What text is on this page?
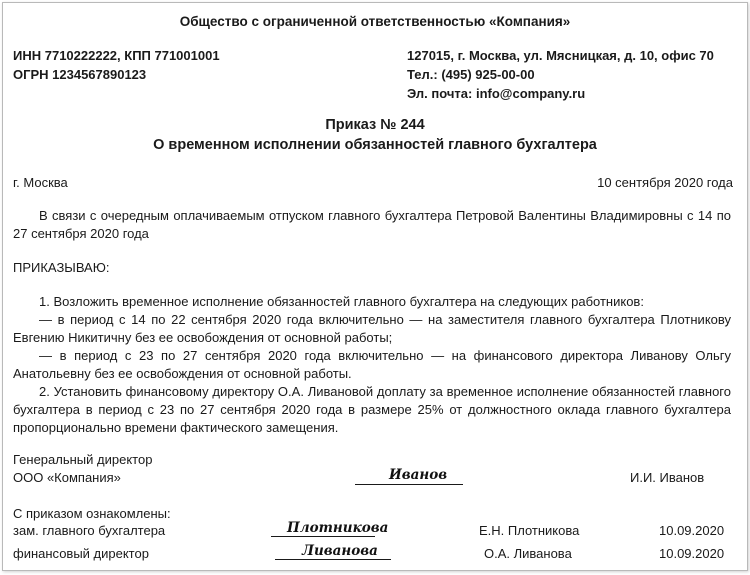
Общество с ограниченной ответственностью «Компания»
ИНН 7710222222, КПП 771001001
ОГРН 1234567890123
127015, г. Москва, ул. Мясницкая, д. 10, офис 70
Тел.: (495) 925-00-00
Эл. почта: info@company.ru
Приказ № 244
О временном исполнении обязанностей главного бухгалтера
г. Москва	10 сентября 2020 года
В связи с очередным оплачиваемым отпуском главного бухгалтера Петровой Валентины Владимировны с 14 по 27 сентября 2020 года
ПРИКАЗЫВАЮ:
1. Возложить временное исполнение обязанностей главного бухгалтера на следующих работников:
— в период с 14 по 22 сентября 2020 года включительно — на заместителя главного бухгалтера Плотникову Евгению Никитичну без ее освобождения от основной работы;
— в период с 23 по 27 сентября 2020 года включительно — на финансового директора Ливанову Ольгу Анатольевну без ее освобождения от основной работы.
2. Установить финансовому директору О.А. Ливановой доплату за временное исполнение обязанностей главного бухгалтера в период с 23 по 27 сентября 2020 года в размере 25% от должностного оклада главного бухгалтера пропорционально времени фактического замещения.
Генеральный директор
ООО «Компания»	Иванов	И.И. Иванов
С приказом ознакомлены:
зам. главного бухгалтера	Плотникова	Е.Н. Плотникова	10.09.2020
финансовый директор	Ливанова	О.А. Ливанова	10.09.2020
